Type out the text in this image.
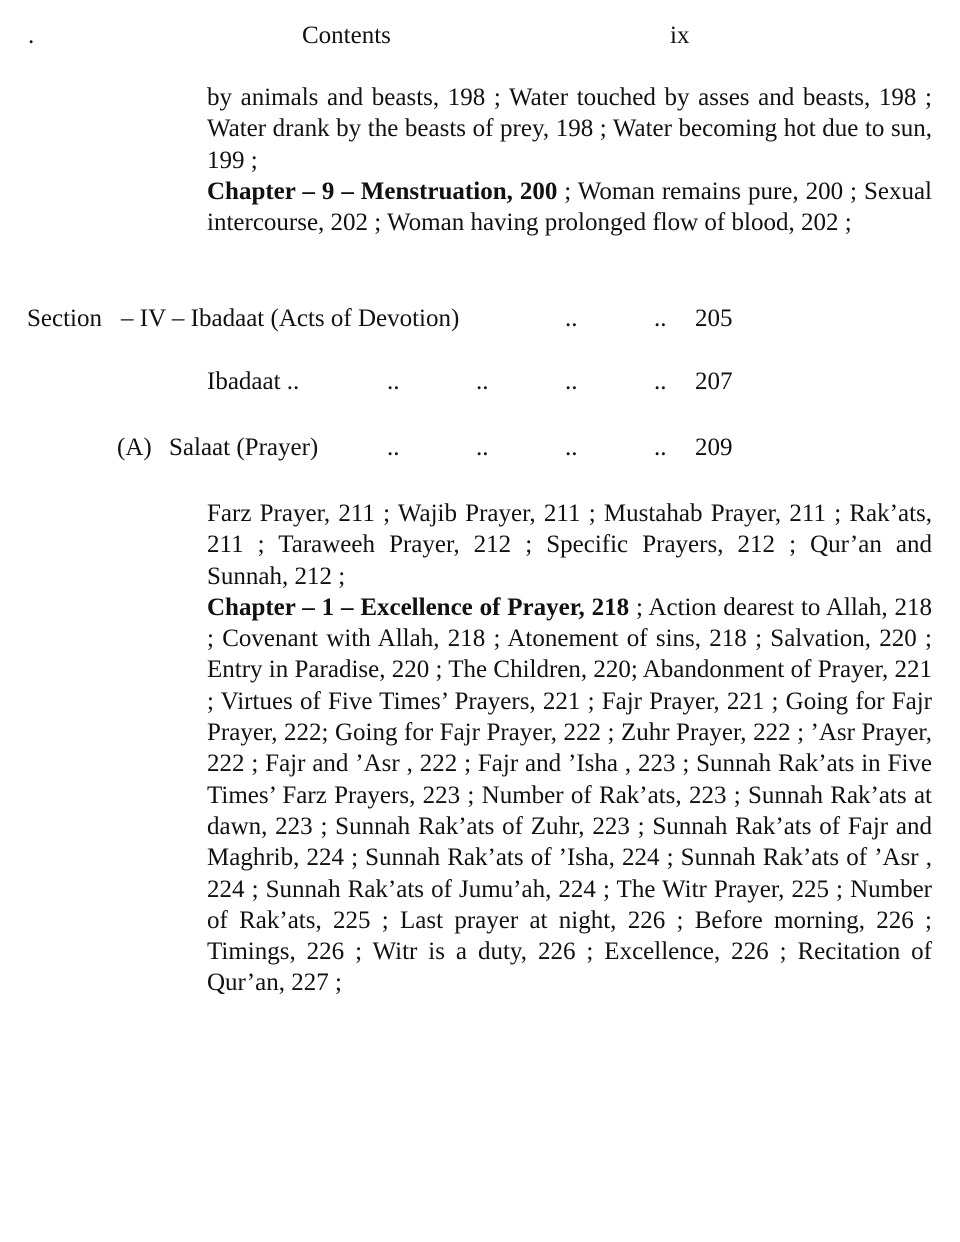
.	Contents	ix

by animals and beasts, 198 ; Water touched by asses and beasts, 198 ; Water drank by the beasts of prey, 198 ; Water becoming hot due to sun, 199 ;

Chapter – 9 – Menstruation, 200 ; Woman remains pure, 200 ; Sexual intercourse, 202 ; Woman having prolonged flow of blood, 202 ;

Section – IV – Ibadaat (Acts of Devotion)	..	.. 205
Ibadaat ..	..	..	..	.. 207
(A) Salaat (Prayer)	..	..	..	.. 209

Farz Prayer, 211 ; Wajib Prayer, 211 ; Mustahab Prayer, 211 ; Rak’ats, 211 ; Taraweeh Prayer, 212 ; Specific Prayers, 212 ; Qur’an and Sunnah, 212 ;

Chapter – 1 – Excellence of Prayer, 218 ; Action dearest to Allah, 218 ; Covenant with Allah, 218 ; Atonement of sins, 218 ; Salvation, 220 ; Entry in Paradise, 220 ; The Children, 220; Abandonment of Prayer, 221 ; Virtues of Five Times’ Prayers, 221 ; Fajr Prayer, 221 ; Going for Fajr Prayer, 222; Going for Fajr Prayer, 222 ; Zuhr Prayer, 222 ; ’Asr Prayer, 222 ; Fajr and ’Asr , 222 ; Fajr and ’Isha , 223 ; Sunnah Rak’ats in Five Times’ Farz Prayers, 223 ; Number of Rak’ats, 223 ; Sunnah Rak’ats at dawn, 223 ; Sunnah Rak’ats of Zuhr, 223 ; Sunnah Rak’ats of Fajr and Maghrib, 224 ; Sunnah Rak’ats of ’Isha, 224 ; Sunnah Rak’ats of ’Asr , 224 ; Sunnah Rak’ats of Jumu’ah, 224 ; The Witr Prayer, 225 ; Number of Rak’ats, 225 ; Last prayer at night, 226 ; Before morning, 226 ; Timings, 226 ; Witr is a duty, 226 ; Excellence, 226 ; Recitation of Qur’an, 227 ;
